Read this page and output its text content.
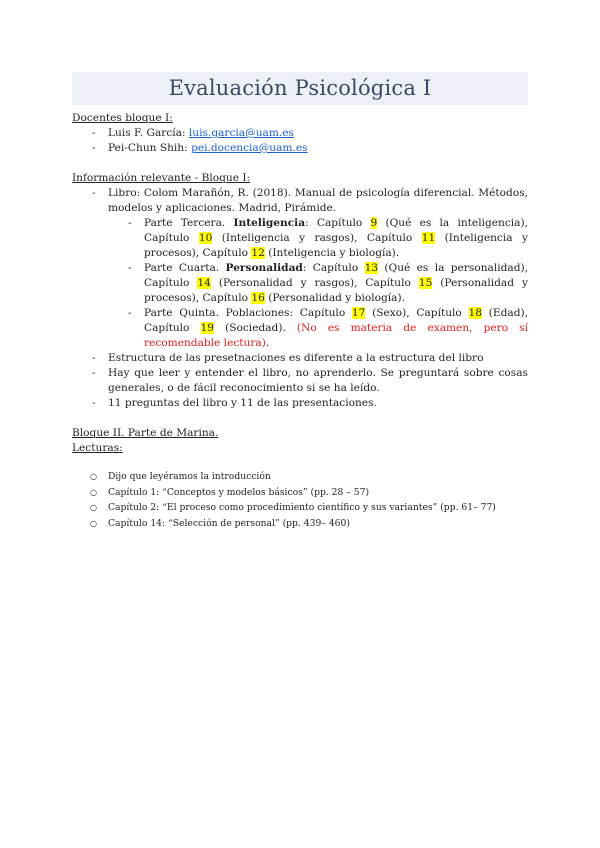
Evaluación Psicológica I

Docentes bloque I:

- Luis F. García: luis.garcia@uam.es
- Pei-Chun Shih: pei.docencia@uam.es

Información relevante - Bloque I:

- Libro: Colom Marañón, R. (2018). Manual de psicología diferencial. Métodos, modelos y aplicaciones. Madrid, Pirámide.
- Parte Tercera. Inteligencia: Capítulo 9 (Qué es la inteligencia), Capítulo 10 (Inteligencia y rasgos), Capítulo 11 (Inteligencia y procesos), Capítulo 12 (Inteligencia y biología).
- Parte Cuarta. Personalidad: Capítulo 13 (Qué es la personalidad), Capítulo 14 (Personalidad y rasgos), Capítulo 15 (Personalidad y procesos), Capítulo 16 (Personalidad y biología).
- Parte Quinta. Poblaciones: Capítulo 17 (Sexo), Capítulo 18 (Edad), Capítulo 19 (Sociedad). (No es materia de examen, pero sí recomendable lectura).
- Estructura de las presetnaciones es diferente a la estructura del libro
- Hay que leer y entender el libro, no aprenderlo. Se preguntará sobre cosas generales, o de fácil reconocimiento si se ha leído.
- 11 preguntas del libro y 11 de las presentaciones.

Bloque II. Parte de Marina.

Lecturas:

○ Dijo que leyéramos la introducción
○ Capítulo 1: “Conceptos y modelos básicos” (pp. 28 – 57)
○ Capítulo 2: “El proceso como procedimiento científico y sus variantes” (pp. 61– 77)
○ Capítulo 14: “Selección de personal” (pp. 439– 460)
